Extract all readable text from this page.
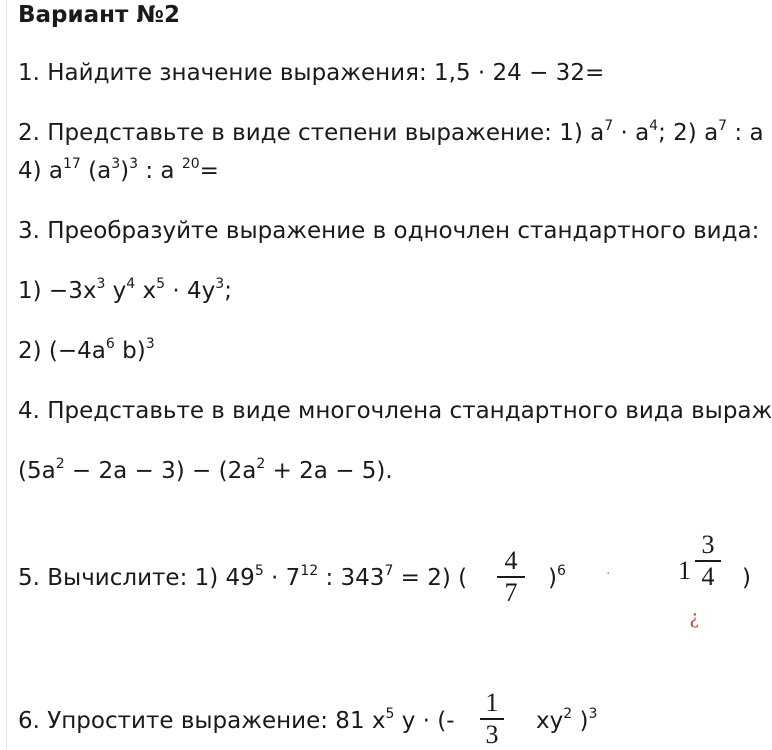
Вариант №2
1. Найдите значение выражения: 1,5 · 24 − 32=
2. Представьте в виде степени выражение: 1) $a^7 \cdot a^4$; 2) $a^7$ : a
4) $a^{17}$ $(a^3)^3$ : a $^{20}$=
3. Преобразуйте выражение в одночлен стандартного вида:
$1) -3x^3$ $y^4$ $x^5 \cdot 4y^3$;
2) ($-4a^6$ b)$^3$
4. Представьте в виде многочлена стандартного вида выраж
$(5a^2 - 2a - 3) - (2a^2 + 2a - 5)$.
5. Вычислите: 1) $49^5 \cdot 7^{12}$ : $343^7 = 2$) (
4
7	)$^6$	·	1
3
4
¿
)
6. Упростите выражение: 81 $x^5$ y · (-
1
3 $xy^2$ )$^3$
